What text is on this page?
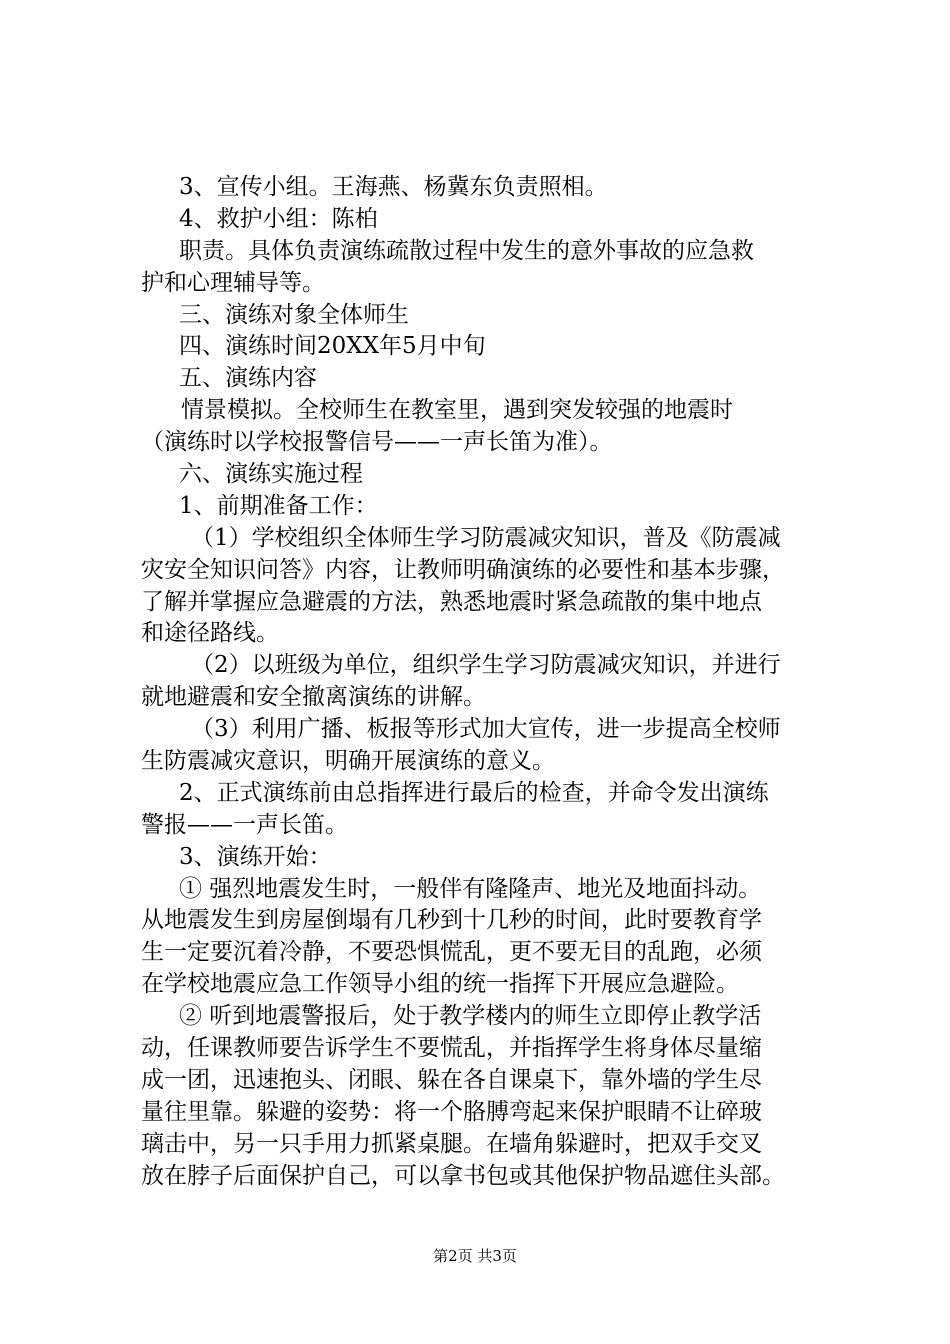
3、宣传小组。王海燕、杨冀东负责照相。
4、救护小组：陈柏
职责。具体负责演练疏散过程中发生的意外事故的应急救
护和心理辅导等。
三、演练对象全体师生
四、演练时间20XX年5月中旬
五、演练内容
情景模拟。全校师生在教室里，遇到突发较强的地震时
（演练时以学校报警信号——一声长笛为准）。
六、演练实施过程
1、前期准备工作：
（1）学校组织全体师生学习防震减灾知识，普及《防震减
灾安全知识问答》内容，让教师明确演练的必要性和基本步骤，
了解并掌握应急避震的方法，熟悉地震时紧急疏散的集中地点
和途径路线。
（2）以班级为单位，组织学生学习防震减灾知识，并进行
就地避震和安全撤离演练的讲解。
（3）利用广播、板报等形式加大宣传，进一步提高全校师
生防震减灾意识，明确开展演练的意义。
2、正式演练前由总指挥进行最后的检查，并命令发出演练
警报——一声长笛。
3、演练开始：
① 强烈地震发生时，一般伴有隆隆声、地光及地面抖动。
从地震发生到房屋倒塌有几秒到十几秒的时间，此时要教育学
生一定要沉着冷静，不要恐惧慌乱，更不要无目的乱跑，必须
在学校地震应急工作领导小组的统一指挥下开展应急避险。
② 听到地震警报后，处于教学楼内的师生立即停止教学活
动，任课教师要告诉学生不要慌乱，并指挥学生将身体尽量缩
成一团，迅速抱头、闭眼、躲在各自课桌下，靠外墙的学生尽
量往里靠。躲避的姿势：将一个胳膊弯起来保护眼睛不让碎玻
璃击中，另一只手用力抓紧桌腿。在墙角躲避时，把双手交叉
放在脖子后面保护自己，可以拿书包或其他保护物品遮住头部。
第2页 共3页
